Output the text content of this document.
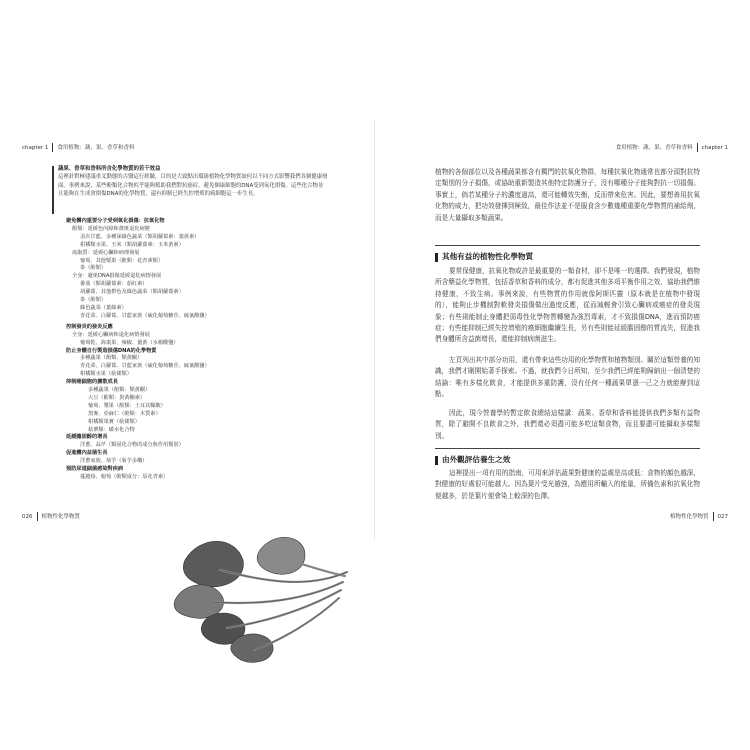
chapter 1 食用植物：蔬、果、香草和香料
蔬果、香草和香料所含化學物質的若干效益
這裡針對極建議重叉動態的古醫這行經驗，目的是大致點出環繞植物化學物質如何以不同方式影響我們各個健康層面。事例來說，某些酚類化合物似乎能夠幫助我們對抗癌症，避免個康細胞的DNA受到氧化損傷。這些化合物並且能夠在生成會損傷DNA的化學物質，還有抑制已經失控增殖的癌細胞這一步生長。
避免體內重要分子受到氧化損傷：抗氧化物
酚類：延緩色內障和黃斑退化病變
羽衣甘藍、多種深綠色蔬菜（類胡蘿蔔素：葉黃素）
柑橘類水果、玉米（類胡蘿蔔素：玉米黃素）
血脂質：延緩心臟和病理發展
葡萄、其他漿果（酚類：花青素類）
茶（酚類）
全身：避免DNA損傷延緩退化病情發展
番茄（類胡蘿蔔素：茄紅素）
胡蘿蔔、其他橙色及綠色蔬菜（類胡蘿蔔素）
茶（酚類）
綠色蔬菜（葉綠素）
青花菜、白蘿蔔、甘藍家族（硫化葡萄糖苷、硫氰酸鹽）
控制發炎的發炎反應
全身：延緩心臟病和退化病情發展
葡萄乾、海棗果、辣椒、薑黃（水楊酸鹽）
防止身體自行製造損傷DNA的化學物質
多種蔬果（酚類、類黃酮）
青花菜、白蘿蔔、甘藍家族（硫化葡萄糖苷、硫氰酸鹽）
柑橘類水果（萜烯類）
抑制癌細胞的擴散成長
多種蔬果（酚類：類黃酮）
大豆（酚類：異黃酮素）
葡萄、漿果（酚類：土耳其鞣酸）
黑麥、亞麻仁（酚類：木質素）
柑橘類果實（萜烯類）
菇蕈類：碳水化合物
延緩膽固醇的增長
洋蔥、蒜芹（類固化合物的成分與作用類別）
促進體內益菌生長
洋蔥家族、菊芋（菊芋多醣）
預防尿道細菌感染對疾病
蔓越莓、葡萄（酚類成分：原花青素）
026 植物性化學物質
食用植物：蔬、果、香草和香料 chapter 1
植物的各個部位以及各種蔬果都含有獨門的抗氧化物群，每種抗氧化物通常也都分頭對抗特定類別的分子損傷，或協助重新製造其他特定防護分子，沒有哪種分子能夠對抗一切損傷。事實上，倘若某種分子的濃度過高，還可能轉效失衡，反而帶來危害。因此，要想善用抗氧化物的威力，把功效發揮到極致，最佳作法並不是服食含少數幾種重要化學物質的補給劑，而是大量攝取多類蔬果。
其他有益的植物性化學物質
要常保健康，抗氧化物或許是最重要的一類食材，卻不是唯一的選擇。我們發現，植物所含藥益化學物質，包括香草和香料的成分，都有促進其他多項平衡作用之效，協助我們維持健康，不致生病。事例來說，有些物質的作用就像阿斯匹靈（原本就是在植物中發現的），能夠止步機制對軟發炎損傷做出過度反應，從而減輕會引致心臟病或癌症的發炎現象；有些則能制止身體把弱毒性化學物質轉變為強烈毒素，才不致損傷DNA，進而預防癌症；有些能抑制已經失控增殖的癌細胞繼續生長，另有些則能延緩膽固醇的質流失，促進我們身體所含益菌增長，還能抑制病菌滋生。
左頁列出其中部分功用，還有帶來這些功用的化學物質和植物類別。關於這類營養的知識，我們才剛開始著手探索。不過，就我們今日所知，至少我們已經能夠歸納出一個清楚的結論：唯有多樣化飲食，才能提供多重防護，沒有任何一種蔬果單憑一己之力就能辦到這點。
因此，現今營養學的暫定飲食總結這樣講：蔬果、香草和香料能提供我們多類有益物質，除了避開不良飲食之外，我們還必須盡可能多吃這類食物，而且要盡可能攝取多樣類別。
由外觀評估養生之效
這裡提出一項有用的指南，可用來評估蔬果對健康的益處是高或低：食物的顏色越深，對健康的好處很可能越大。因為葉片受光越強，為應用所輸入的能量，所備色素和抗氧化物便越多，於是葉片便會染上較深的色澤。
植物性化學物質 027
